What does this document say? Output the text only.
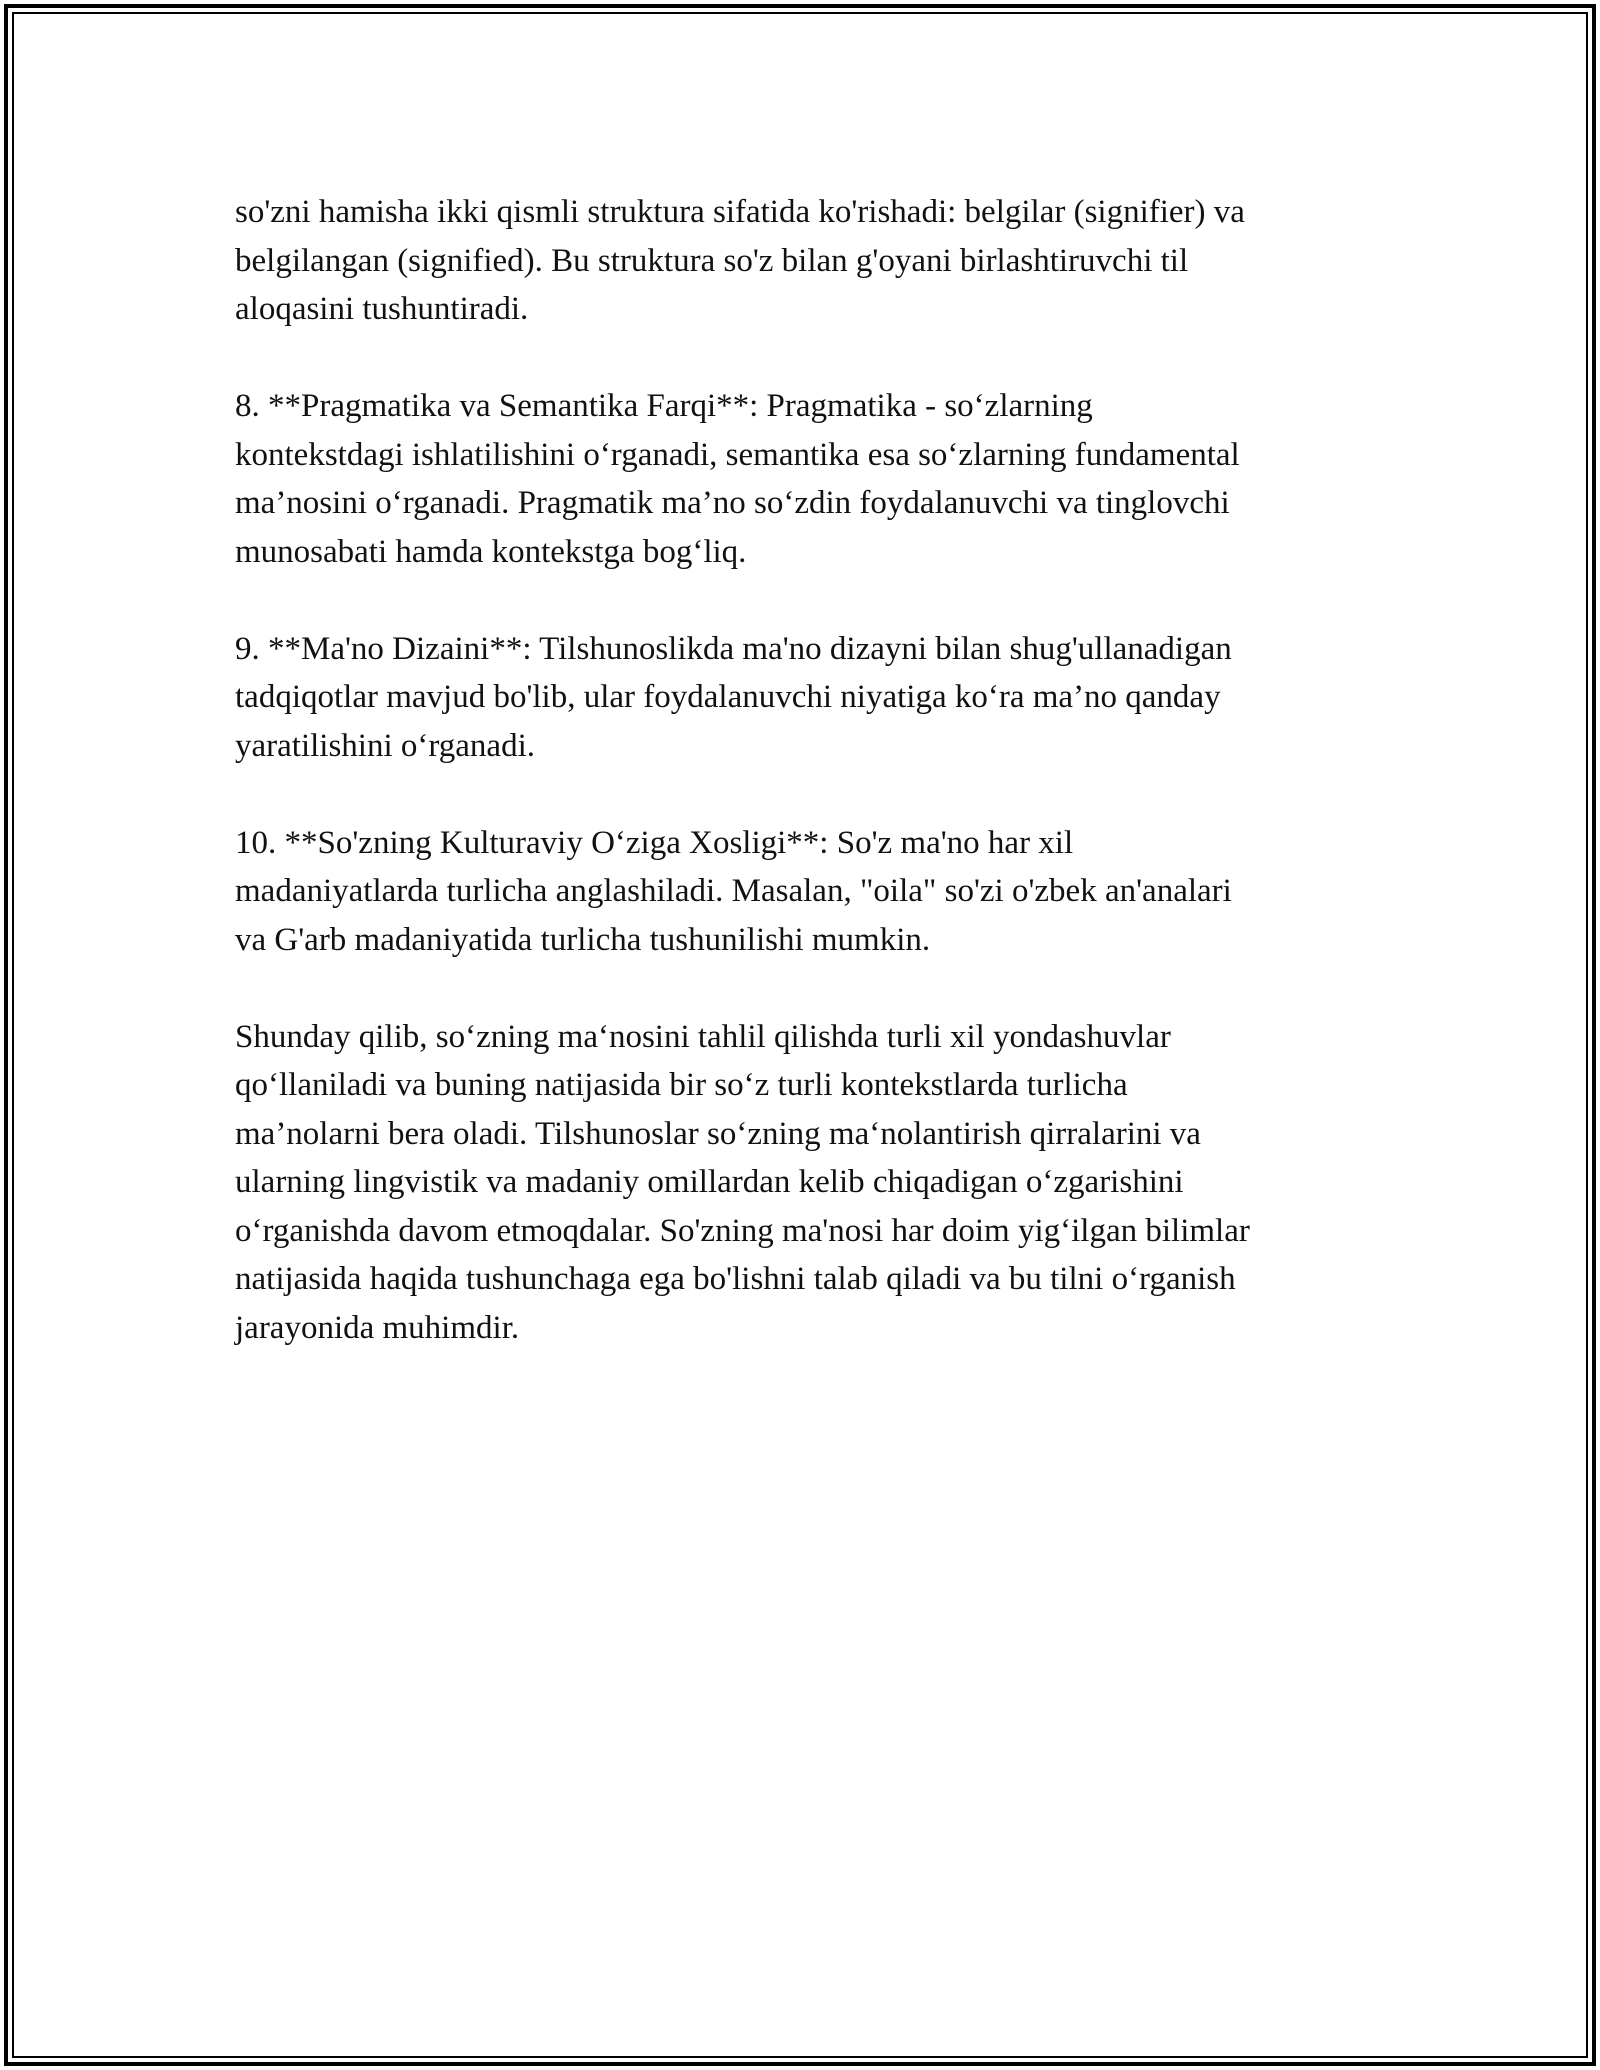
so'zni hamisha ikki qismli struktura sifatida ko'rishadi: belgilar (signifier) va
belgilangan (signified). Bu struktura so'z bilan g'oyani birlashtiruvchi til
aloqasini tushuntiradi.

8. **Pragmatika va Semantika Farqi**: Pragmatika - so‘zlarning
kontekstdagi ishlatilishini o‘rganadi, semantika esa so‘zlarning fundamental
ma’nosini o‘rganadi. Pragmatik ma’no so‘zdin foydalanuvchi va tinglovchi
munosabati hamda kontekstga bog‘liq.

9. **Ma'no Dizaini**: Tilshunoslikda ma'no dizayni bilan shug'ullanadigan
tadqiqotlar mavjud bo'lib, ular foydalanuvchi niyatiga ko‘ra ma’no qanday
yaratilishini o‘rganadi.

10. **So'zning Kulturaviy O‘ziga Xosligi**: So'z ma'no har xil
madaniyatlarda turlicha anglashiladi. Masalan, "oila" so'zi o'zbek an'analari
va G'arb madaniyatida turlicha tushunilishi mumkin.

Shunday qilib, so‘zning ma‘nosini tahlil qilishda turli xil yondashuvlar
qo‘llaniladi va buning natijasida bir so‘z turli kontekstlarda turlicha
ma’nolarni bera oladi. Tilshunoslar so‘zning ma‘nolantirish qirralarini va
ularning lingvistik va madaniy omillardan kelib chiqadigan o‘zgarishini
o‘rganishda davom etmoqdalar. So'zning ma'nosi har doim yig‘ilgan bilimlar
natijasida haqida tushunchaga ega bo'lishni talab qiladi va bu tilni o‘rganish
jarayonida muhimdir.
